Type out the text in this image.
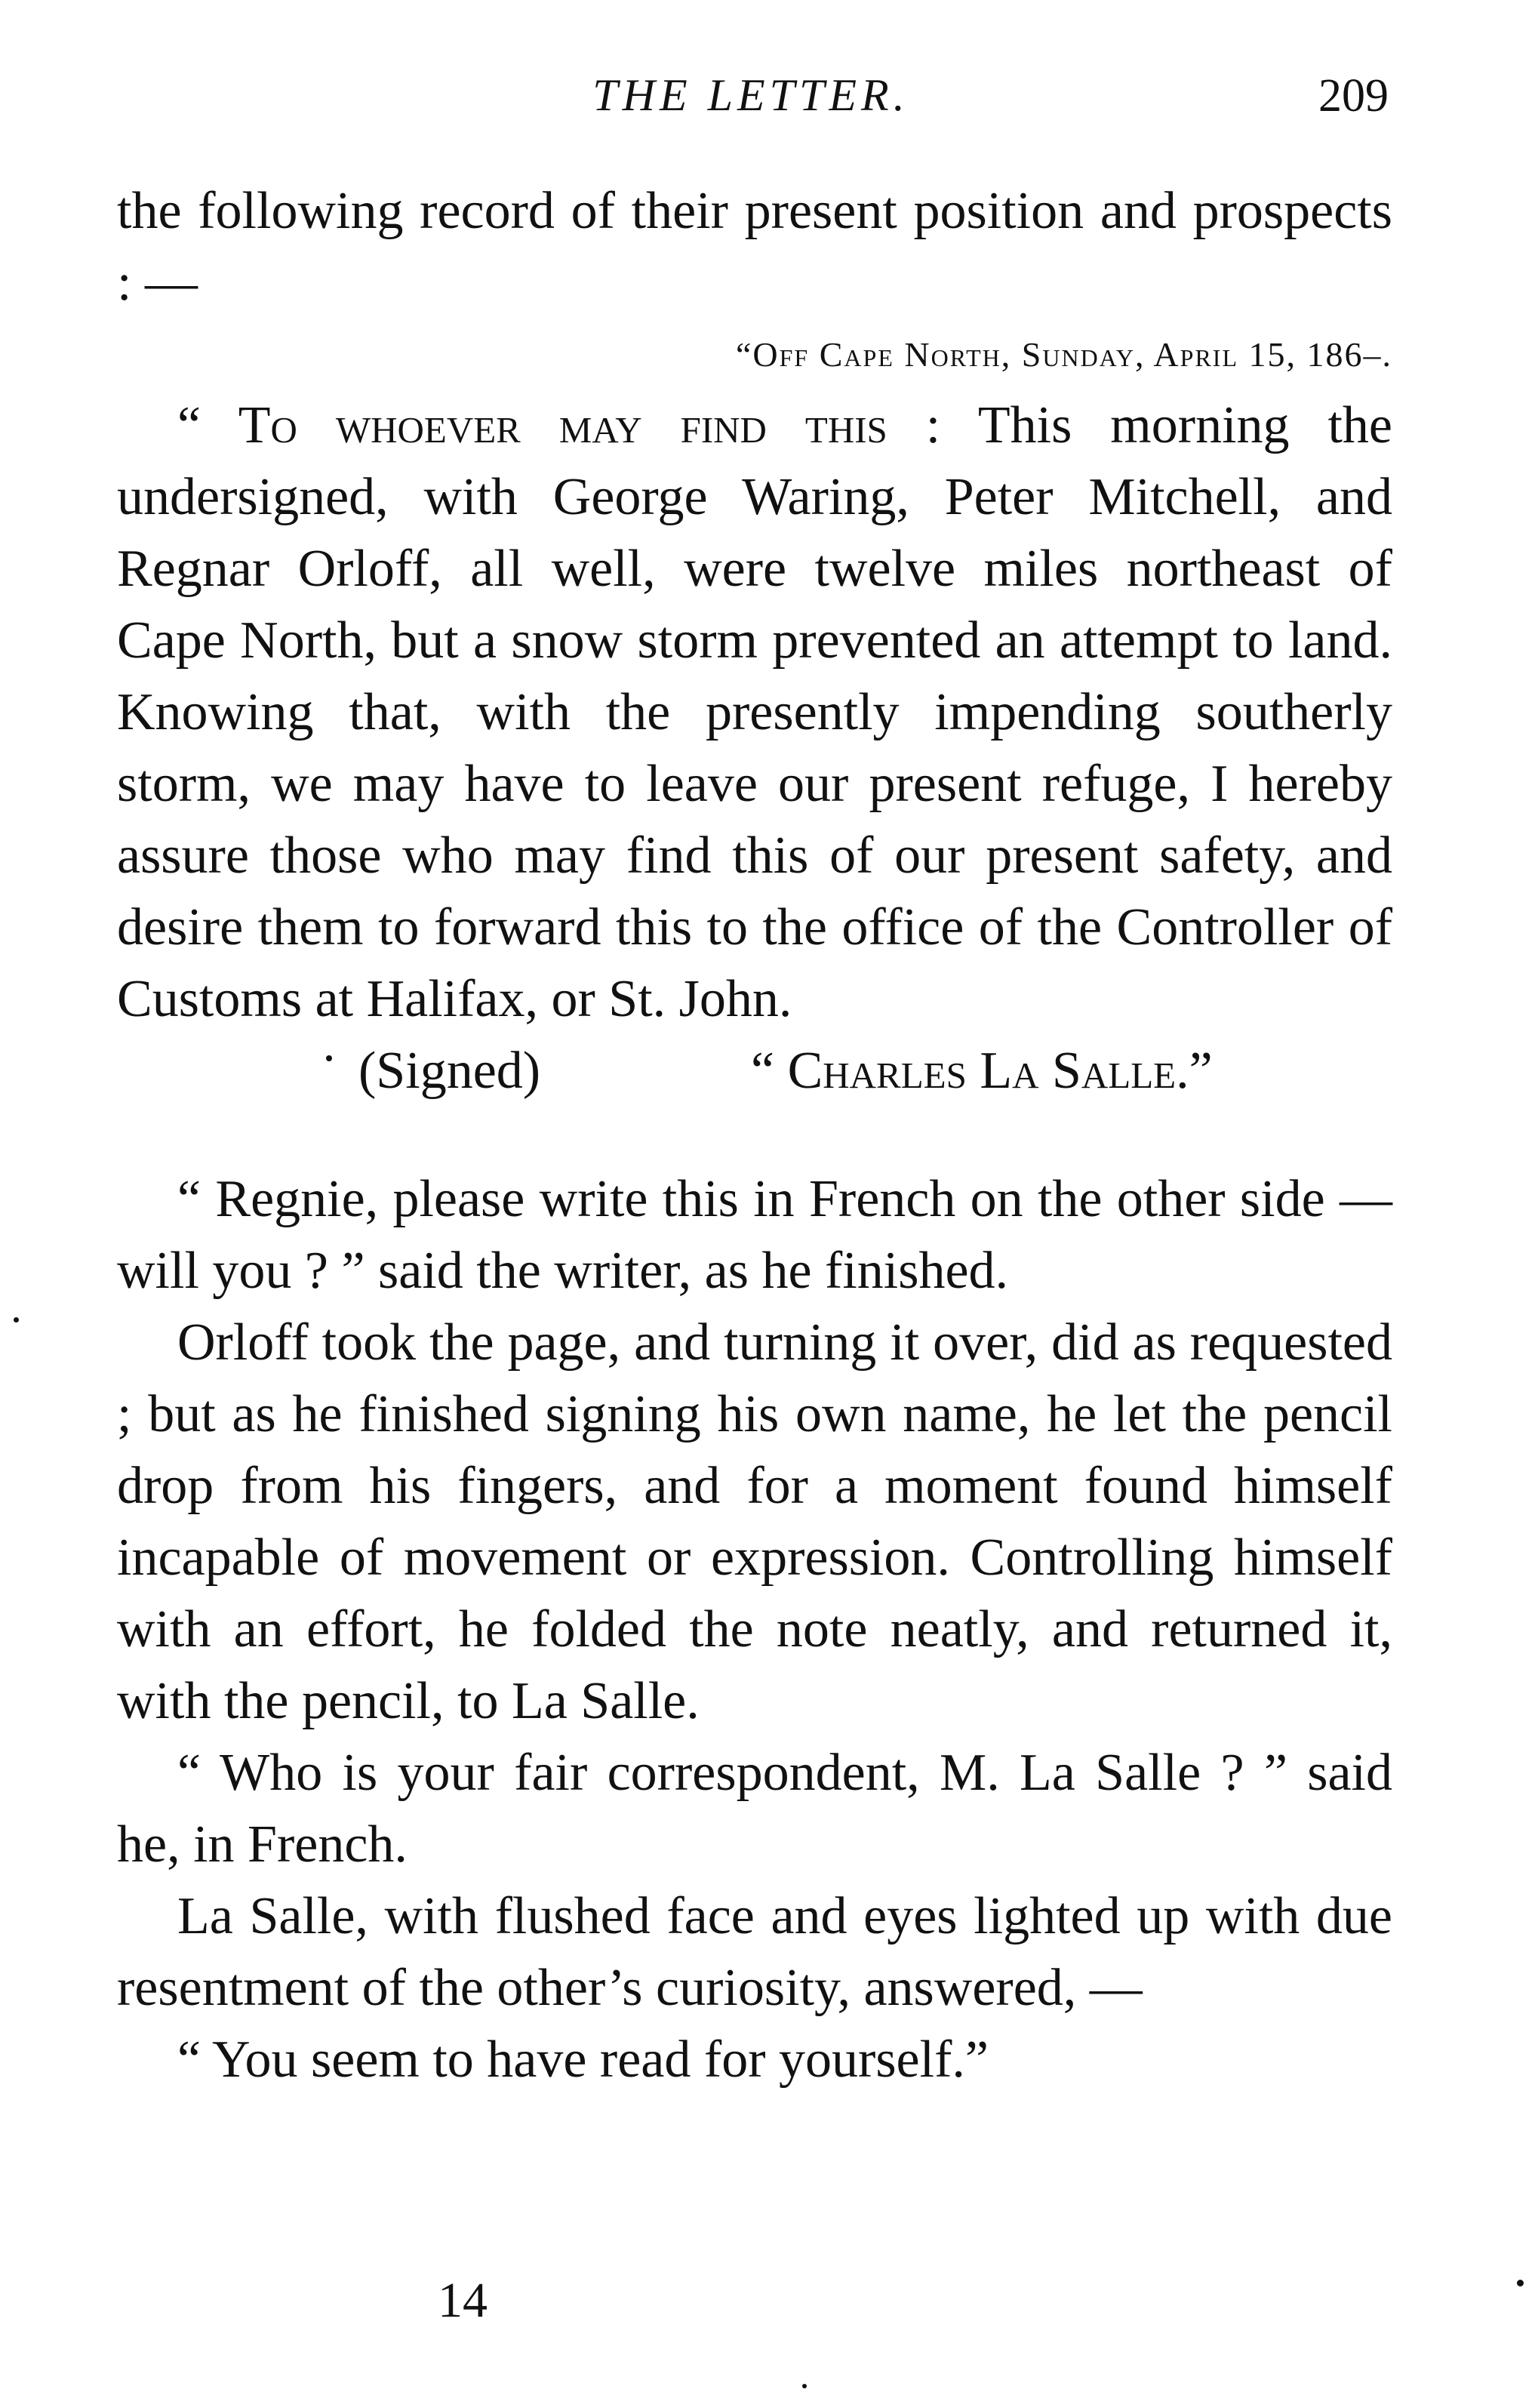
THE LETTER.	209

the following record of their present position and prospects : —

“Off Cape North, Sunday, April 15, 186–.

“ To whoever may find this : This morning the undersigned, with George Waring, Peter Mitchell, and Regnar Orloff, all well, were twelve miles northeast of Cape North, but a snow storm prevented an attempt to land. Knowing that, with the presently impending southerly storm, we may have to leave our present refuge, I hereby assure those who may find this of our present safety, and desire them to forward this to the office of the Controller of Customs at Halifax, or St. John.

(Signed)	“ Charles La Salle.”

“ Regnie, please write this in French on the other side — will you ? ” said the writer, as he finished.

Orloff took the page, and turning it over, did as requested ; but as he finished signing his own name, he let the pencil drop from his fingers, and for a moment found himself incapable of movement or expression. Controlling himself with an effort, he folded the note neatly, and returned it, with the pencil, to La Salle.

“ Who is your fair correspondent, M. La Salle ? ” said he, in French.

La Salle, with flushed face and eyes lighted up with due resentment of the other’s curiosity, answered, —

“ You seem to have read for yourself.”

14
